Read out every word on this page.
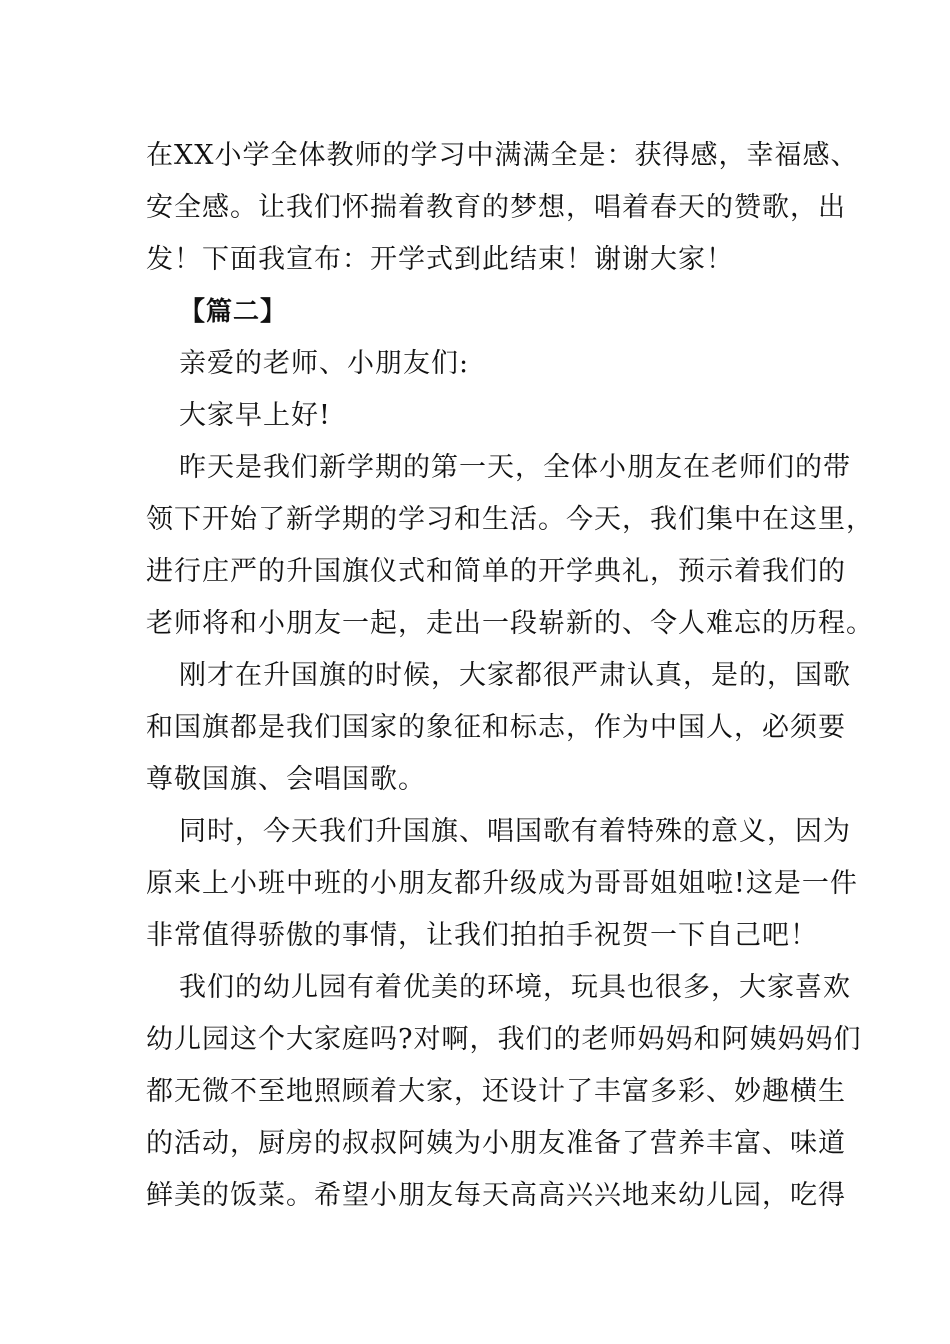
在XX小学全体教师的学习中满满全是：获得感，幸福感、
安全感。让我们怀揣着教育的梦想，唱着春天的赞歌，出
发！下面我宣布：开学式到此结束！谢谢大家！

【篇二】

亲爱的老师、小朋友们:

大家早上好!

昨天是我们新学期的第一天，全体小朋友在老师们的带
领下开始了新学期的学习和生活。今天，我们集中在这里，
进行庄严的升国旗仪式和简单的开学典礼，预示着我们的
老师将和小朋友一起，走出一段崭新的、令人难忘的历程。

刚才在升国旗的时候，大家都很严肃认真，是的，国歌
和国旗都是我们国家的象征和标志，作为中国人，必须要
尊敬国旗、会唱国歌。

同时，今天我们升国旗、唱国歌有着特殊的意义，因为
原来上小班中班的小朋友都升级成为哥哥姐姐啦!这是一件
非常值得骄傲的事情，让我们拍拍手祝贺一下自己吧！

我们的幼儿园有着优美的环境，玩具也很多，大家喜欢
幼儿园这个大家庭吗?对啊，我们的老师妈妈和阿姨妈妈们
都无微不至地照顾着大家，还设计了丰富多彩、妙趣横生
的活动，厨房的叔叔阿姨为小朋友准备了营养丰富、味道
鲜美的饭菜。希望小朋友每天高高兴兴地来幼儿园，吃得
